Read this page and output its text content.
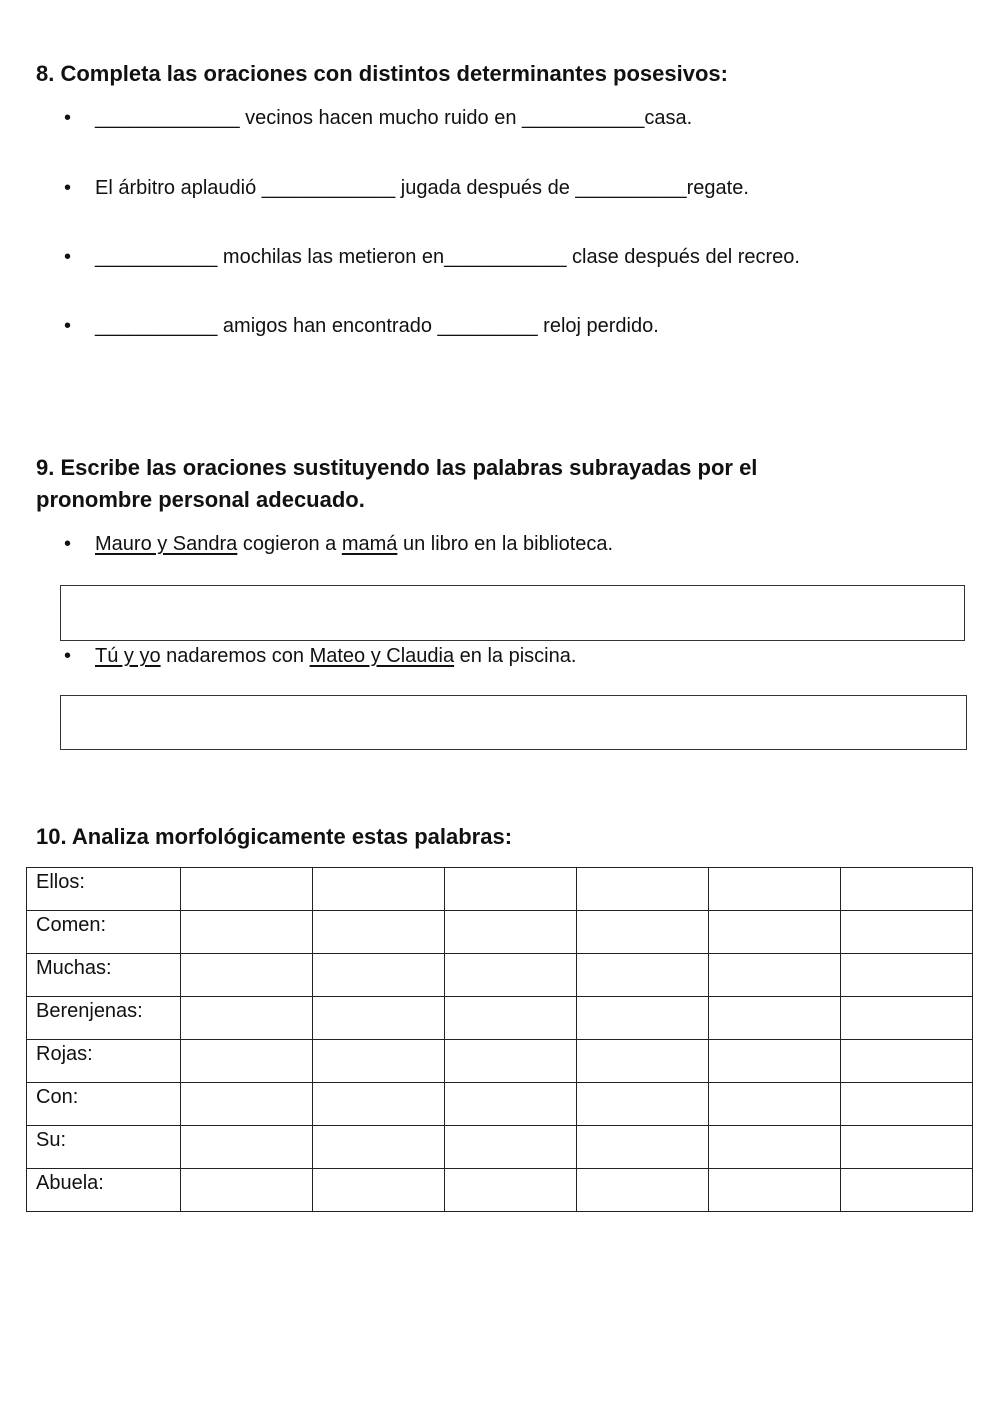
8. Completa las oraciones con distintos determinantes posesivos:
• _____________ vecinos hacen mucho ruido en ___________casa.
• El árbitro aplaudió ____________ jugada después de __________regate.
• ___________ mochilas las metieron en___________ clase después del recreo.
• ___________ amigos han encontrado _________ reloj perdido.
9. Escribe las oraciones sustituyendo las palabras subrayadas por el
pronombre personal adecuado.
• Mauro y Sandra cogieron a mamá un libro en la biblioteca.
• Tú y yo nadaremos con Mateo y Claudia en la piscina.
10. Analiza morfológicamente estas palabras:
Ellos:						
Comen:						
Muchas:						
Berenjenas:						
Rojas:						
Con:						
Su:						
Abuela:						
